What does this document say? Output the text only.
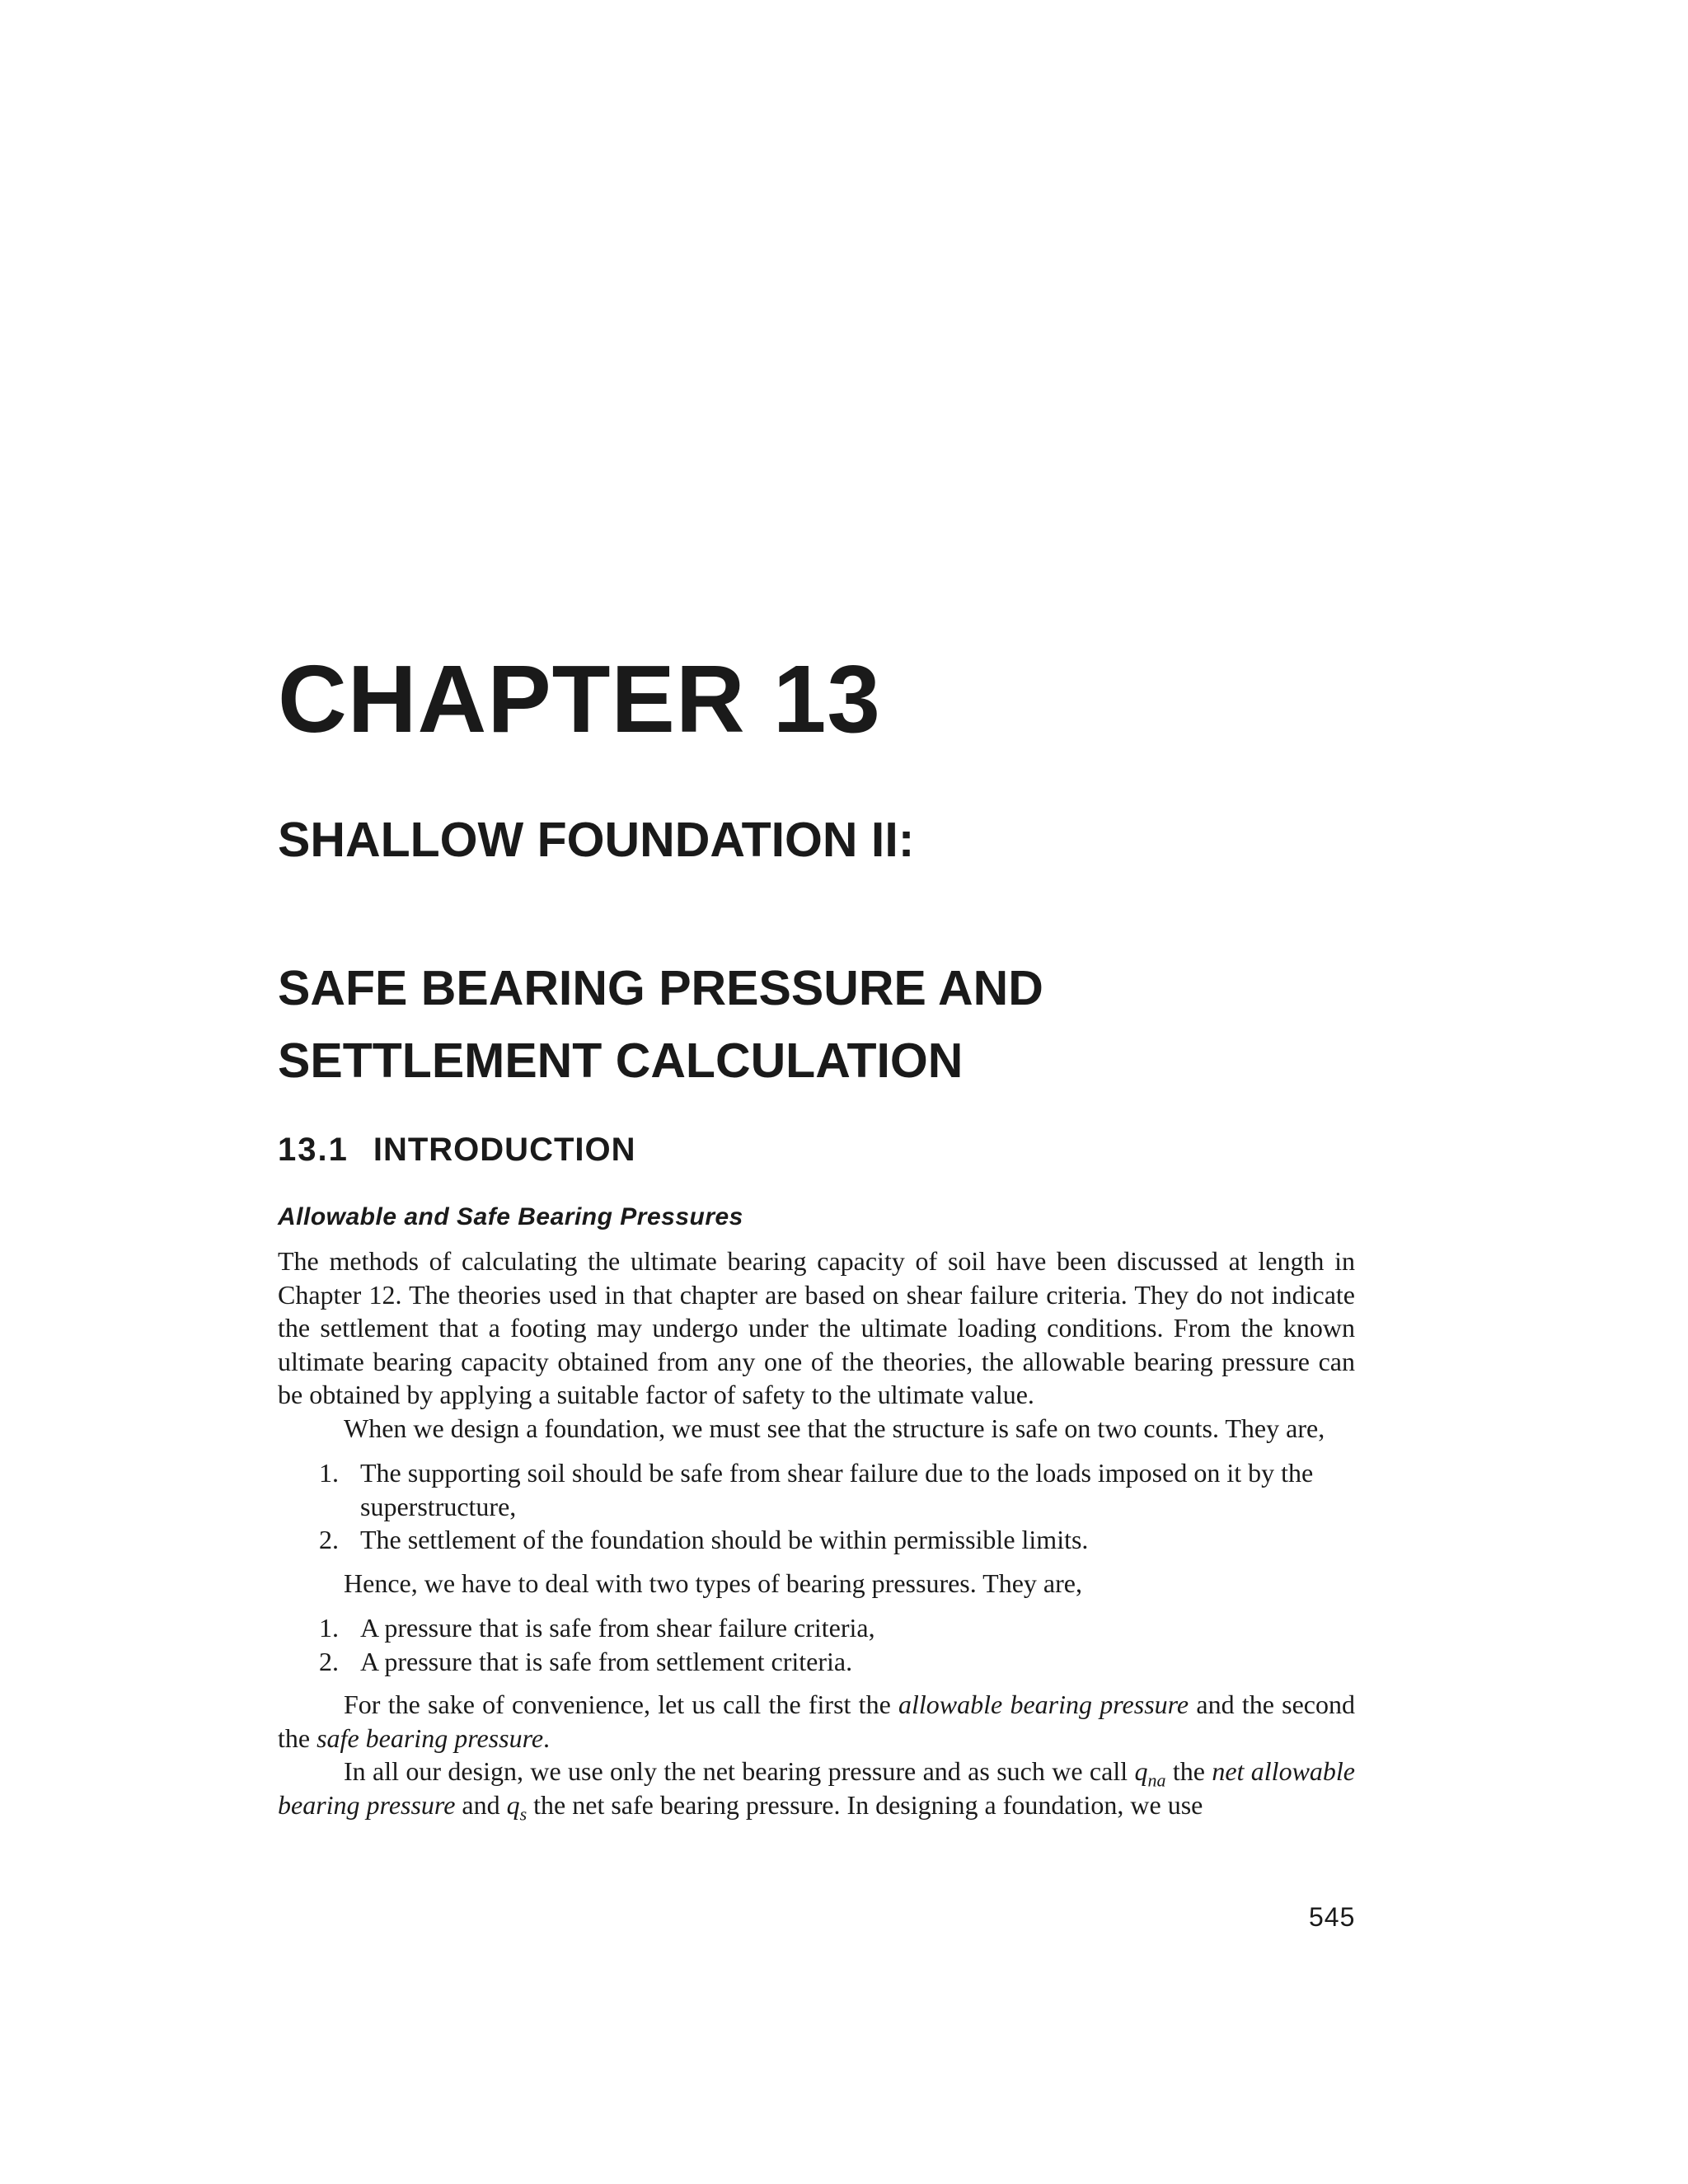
CHAPTER 13
SHALLOW FOUNDATION II:
SAFE BEARING PRESSURE AND
SETTLEMENT CALCULATION
13.1 INTRODUCTION
Allowable and Safe Bearing Pressures

The methods of calculating the ultimate bearing capacity of soil have been discussed at length in Chapter 12. The theories used in that chapter are based on shear failure criteria. They do not indicate the settlement that a footing may undergo under the ultimate loading conditions. From the known ultimate bearing capacity obtained from any one of the theories, the allowable bearing pressure can be obtained by applying a suitable factor of safety to the ultimate value.

When we design a foundation, we must see that the structure is safe on two counts. They are,

1. The supporting soil should be safe from shear failure due to the loads imposed on it by the superstructure,
2. The settlement of the foundation should be within permissible limits.

Hence, we have to deal with two types of bearing pressures. They are,

1. A pressure that is safe from shear failure criteria,
2. A pressure that is safe from settlement criteria.

For the sake of convenience, let us call the first the allowable bearing pressure and the second the safe bearing pressure.

In all our design, we use only the net bearing pressure and as such we call $q_{na}$ the net allowable bearing pressure and $q_s$ the net safe bearing pressure. In designing a foundation, we use

545
